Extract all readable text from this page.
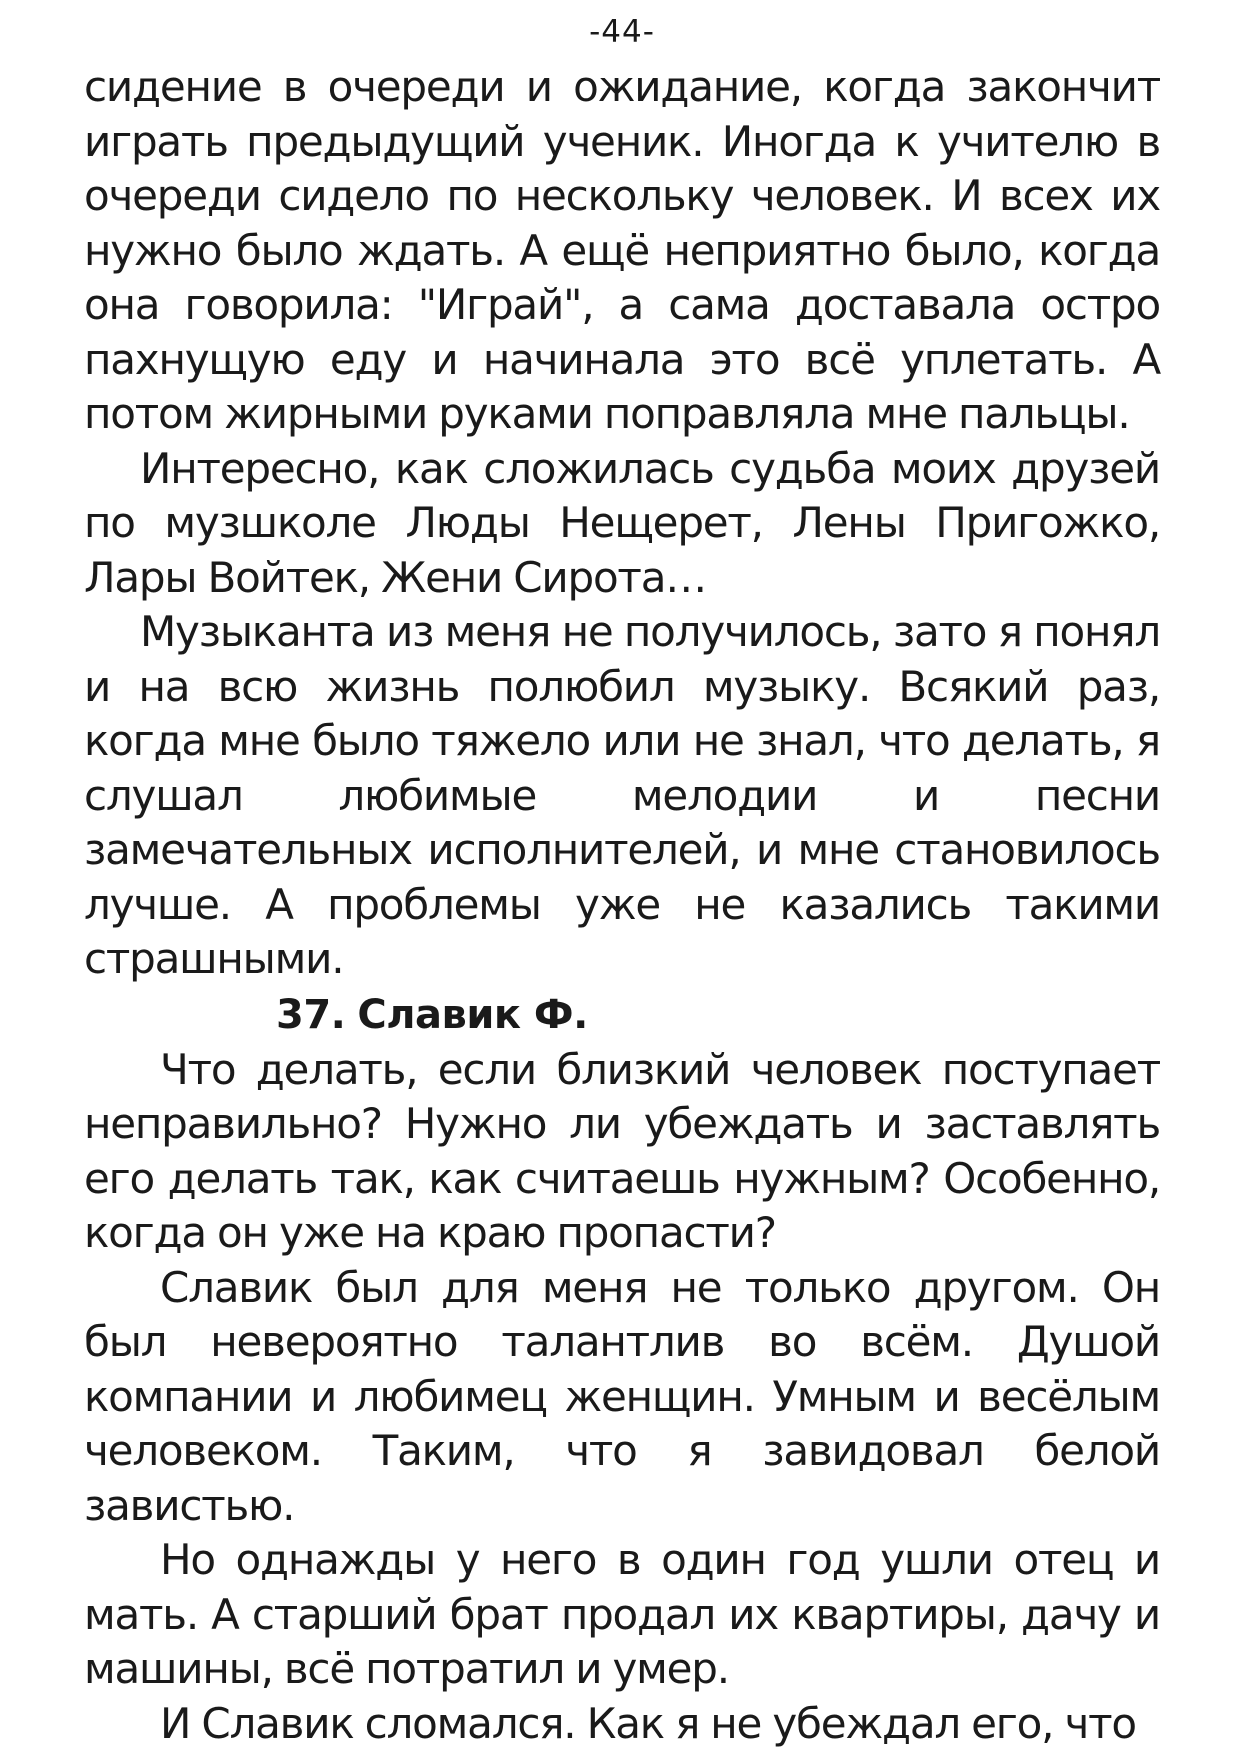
-44-

сидение в очереди и ожидание, когда закончит играть предыдущий ученик. Иногда к учителю в очереди сидело по нескольку человек. И всех их нужно было ждать. А ещё неприятно было, когда она говорила: "Играй", а сама доставала остро пахнущую еду и начинала это всё уплетать. А потом жирными руками поправляла мне пальцы.

Интересно, как сложилась судьба моих друзей по музшколе Люды Нещерет, Лены Пригожко, Лары Войтек, Жени Сирота…

Музыканта из меня не получилось, зато я понял и на всю жизнь полюбил музыку. Всякий раз, когда мне было тяжело или не знал, что делать, я слушал любимые мелодии и песни замечательных исполнителей, и мне становилось лучше. А проблемы уже не казались такими страшными.

37. Славик Ф.

Что делать, если близкий человек поступает неправильно? Нужно ли убеждать и заставлять его делать так, как считаешь нужным? Особенно, когда он уже на краю пропасти?

Славик был для меня не только другом. Он был невероятно талантлив во всём. Душой компании и любимец женщин. Умным и весёлым человеком. Таким, что я завидовал белой завистью.

Но однажды у него в один год ушли отец и мать. А старший брат продал их квартиры, дачу и машины, всё потратил и умер.

И Славик сломался. Как я не убеждал его, что
